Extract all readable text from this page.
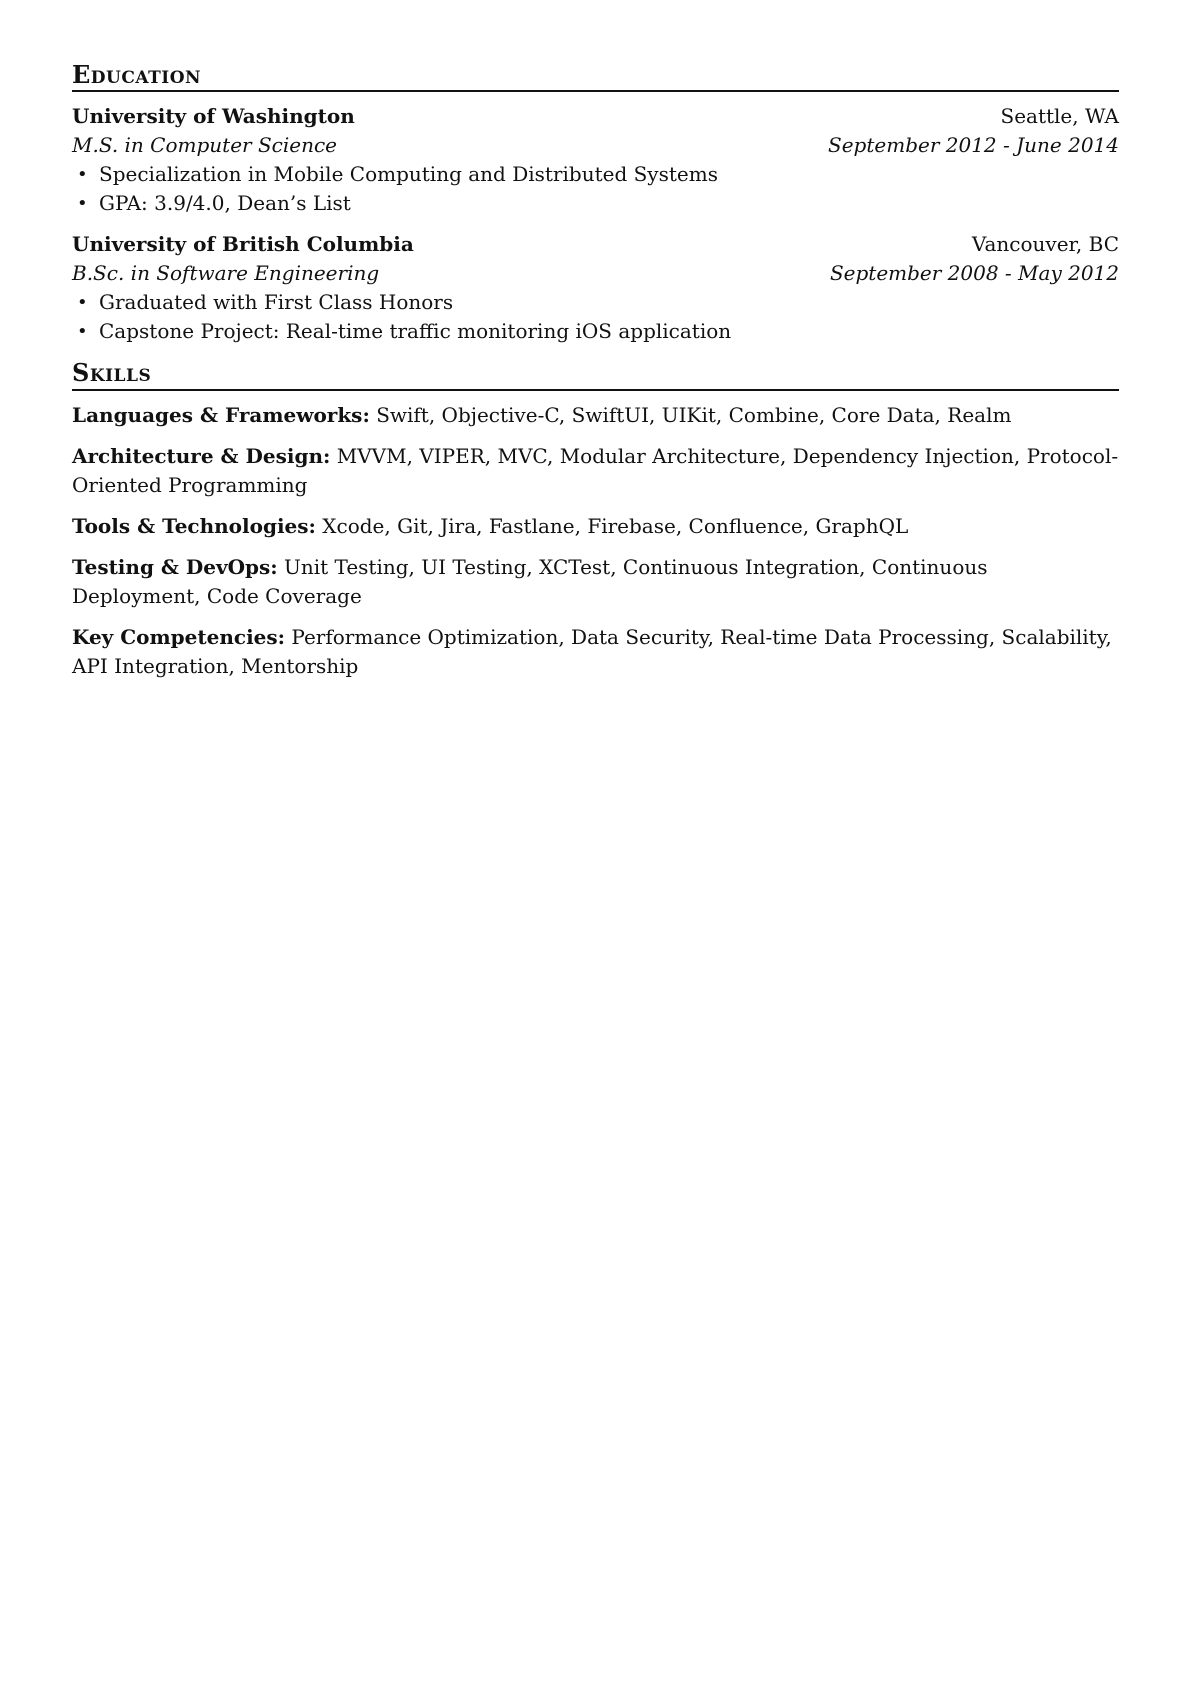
Education
University of Washington	Seattle, WA
M.S. in Computer Science	September 2012 - June 2014
• Specialization in Mobile Computing and Distributed Systems
• GPA: 3.9/4.0, Dean’s List
University of British Columbia	Vancouver, BC
B.Sc. in Software Engineering	September 2008 - May 2012
• Graduated with First Class Honors
• Capstone Project: Real-time traffic monitoring iOS application
Skills
Languages & Frameworks: Swift, Objective-C, SwiftUI, UIKit, Combine, Core Data, Realm
Architecture & Design: MVVM, VIPER, MVC, Modular Architecture, Dependency Injection, Protocol-Oriented Programming
Tools & Technologies: Xcode, Git, Jira, Fastlane, Firebase, Confluence, GraphQL
Testing & DevOps: Unit Testing, UI Testing, XCTest, Continuous Integration, Continuous Deployment, Code Coverage
Key Competencies: Performance Optimization, Data Security, Real-time Data Processing, Scalability, API Integration, Mentorship
